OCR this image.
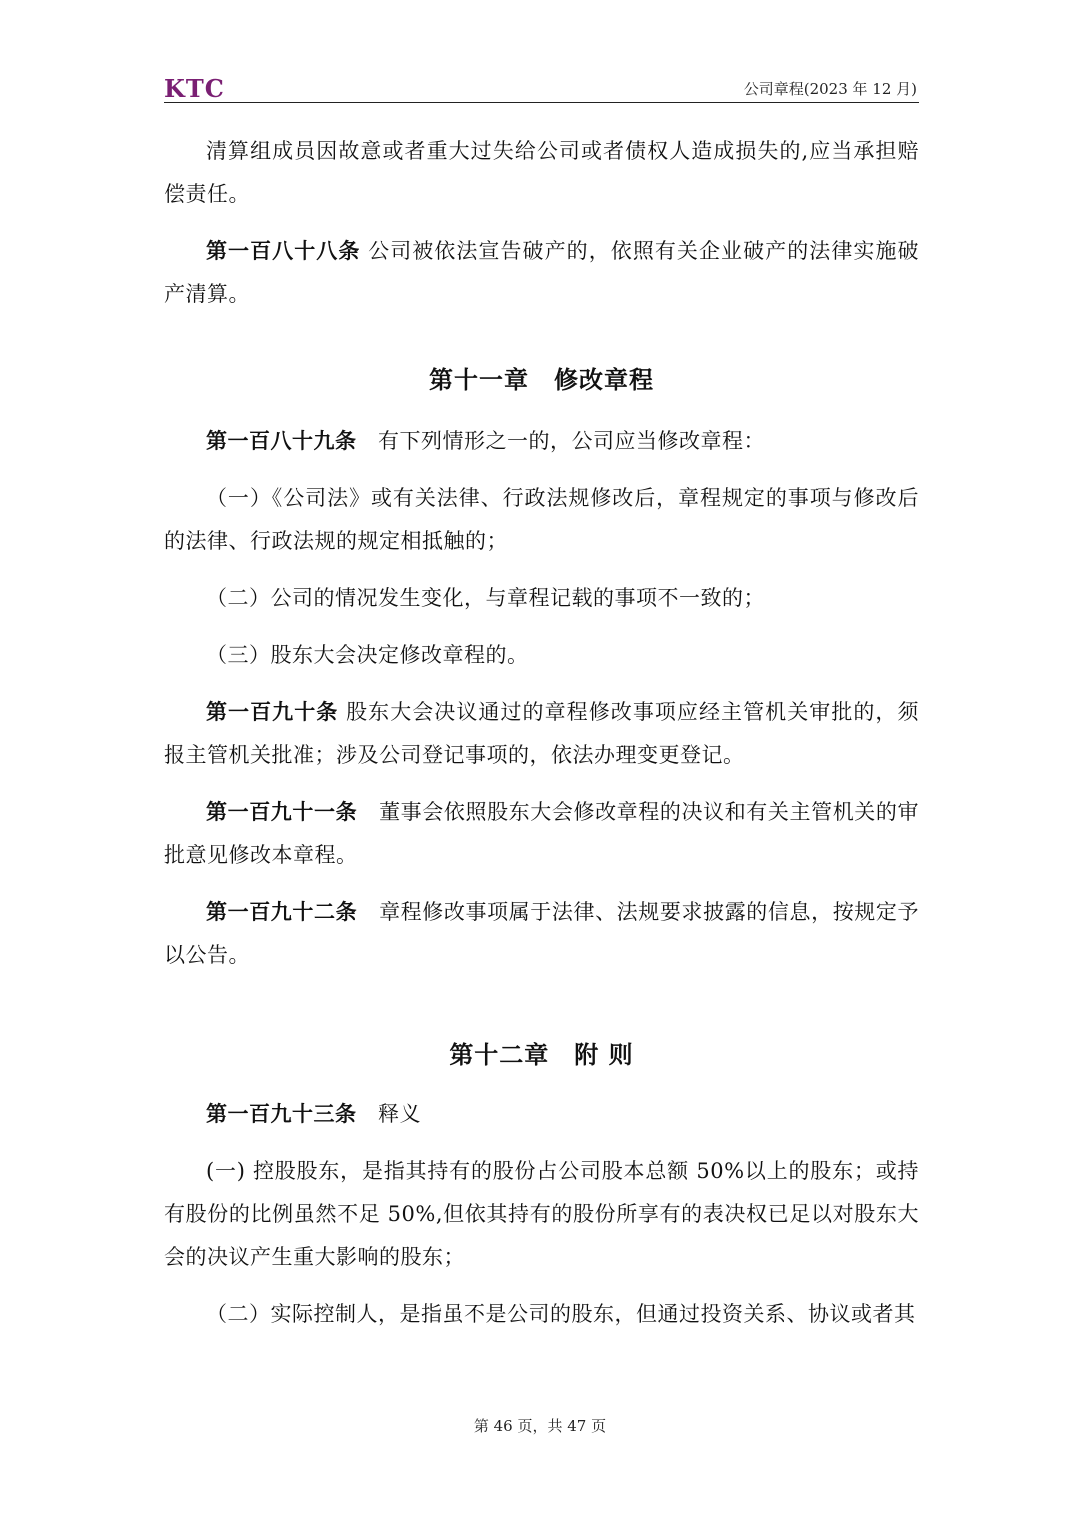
KTC	公司章程(2023 年 12 月)

清算组成员因故意或者重大过失给公司或者债权人造成损失的,应当承担赔偿责任。

第一百八十八条 公司被依法宣告破产的，依照有关企业破产的法律实施破产清算。

第十一章　修改章程

第一百八十九条 有下列情形之一的，公司应当修改章程：

（一）《公司法》或有关法律、行政法规修改后，章程规定的事项与修改后的法律、行政法规的规定相抵触的；

（二）公司的情况发生变化，与章程记载的事项不一致的；

（三）股东大会决定修改章程的。

第一百九十条 股东大会决议通过的章程修改事项应经主管机关审批的，须报主管机关批准；涉及公司登记事项的，依法办理变更登记。

第一百九十一条 董事会依照股东大会修改章程的决议和有关主管机关的审批意见修改本章程。

第一百九十二条 章程修改事项属于法律、法规要求披露的信息，按规定予以公告。

第十二章　附 则

第一百九十三条 释义

(一) 控股股东，是指其持有的股份占公司股本总额 50%以上的股东；或持有股份的比例虽然不足 50%,但依其持有的股份所享有的表决权已足以对股东大会的决议产生重大影响的股东；

（二）实际控制人，是指虽不是公司的股东，但通过投资关系、协议或者其

第 46 页，共 47 页
